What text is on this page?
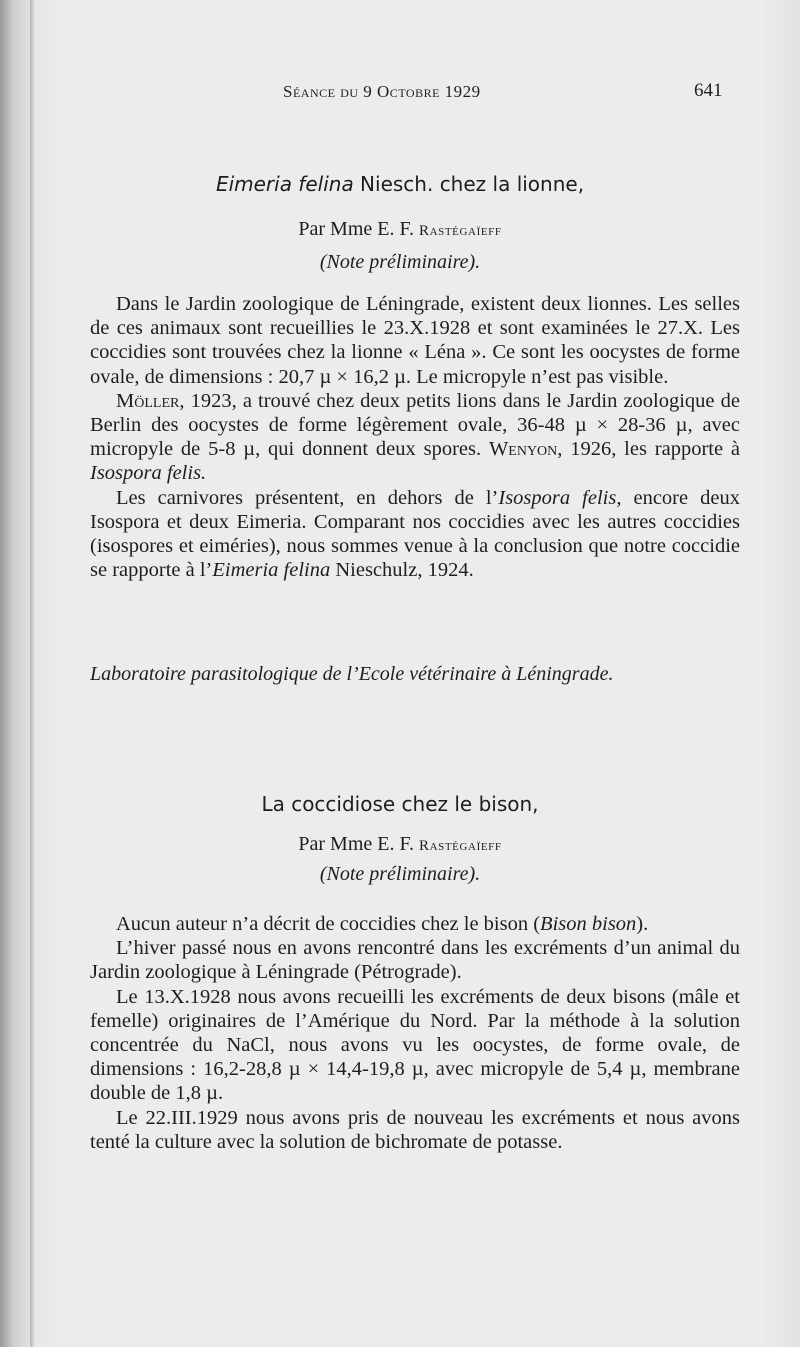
Séance du 9 Octobre 1929	641
Eimeria felina Niesch. chez la lionne,
Par Mme E. F. Rastégaïeff
(Note préliminaire).

Dans le Jardin zoologique de Léningrade, existent deux lionnes. Les selles de ces animaux sont recueillies le 23.X.1928 et sont examinées le 27.X. Les coccidies sont trouvées chez la lionne « Léna ». Ce sont les oocystes de forme ovale, de dimensions : 20,7 µ × 16,2 µ. Le micropyle n’est pas visible.

Möller, 1923, a trouvé chez deux petits lions dans le Jardin zoologique de Berlin des oocystes de forme légèrement ovale, 36-48 µ × 28-36 µ, avec micropyle de 5-8 µ, qui donnent deux spores. Wenyon, 1926, les rapporte à Isospora felis.

Les carnivores présentent, en dehors de l’Isospora felis, encore deux Isospora et deux Eimeria. Comparant nos coccidies avec les autres coccidies (isospores et eiméries), nous sommes venue à la conclusion que notre coccidie se rapporte à l’Eimeria felina Nieschulz, 1924.

Laboratoire parasitologique de l’Ecole vétérinaire à Léningrade.
La coccidiose chez le bison,
Par Mme E. F. Rastégaïeff
(Note préliminaire).

Aucun auteur n’a décrit de coccidies chez le bison (Bison bison).

L’hiver passé nous en avons rencontré dans les excréments d’un animal du Jardin zoologique à Léningrade (Pétrograde).

Le 13.X.1928 nous avons recueilli les excréments de deux bisons (mâle et femelle) originaires de l’Amérique du Nord. Par la méthode à la solution concentrée du NaCl, nous avons vu les oocystes, de forme ovale, de dimensions : 16,2-28,8 µ × 14,4-19,8 µ, avec micropyle de 5,4 µ, membrane double de 1,8 µ.

Le 22.III.1929 nous avons pris de nouveau les excréments et nous avons tenté la culture avec la solution de bichromate de potasse.
